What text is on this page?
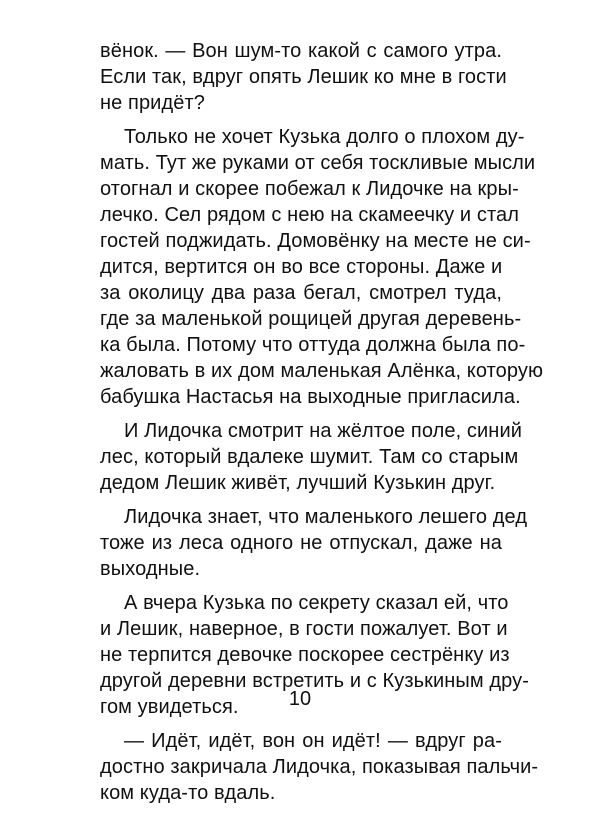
вёнок. — Вон шум-то какой с самого утра.
Если так, вдруг опять Лешик ко мне в гости
не придёт?
Только не хочет Кузька долго о плохом ду-
мать. Тут же руками от себя тоскливые мысли
отогнал и скорее побежал к Лидочке на кры-
лечко. Сел рядом с нею на скамеечку и стал
гостей поджидать. Домовёнку на месте не си-
дится, вертится он во все стороны. Даже и
за околицу два раза бегал, смотрел туда,
где за маленькой рощицей другая деревень-
ка была. Потому что оттуда должна была по-
жаловать в их дом маленькая Алёнка, которую
бабушка Настасья на выходные пригласила.
И Лидочка смотрит на жёлтое поле, синий
лес, который вдалеке шумит. Там со старым
дедом Лешик живёт, лучший Кузькин друг.
Лидочка знает, что маленького лешего дед
тоже из леса одного не отпускал, даже на
выходные.
А вчера Кузька по секрету сказал ей, что
и Лешик, наверное, в гости пожалует. Вот и
не терпится девочке поскорее сестрёнку из
другой деревни встретить и с Кузькиным дру-
гом увидеться.
— Идёт, идёт, вон он идёт! — вдруг ра-
достно закричала Лидочка, показывая пальчи-
ком куда-то вдаль.
10
